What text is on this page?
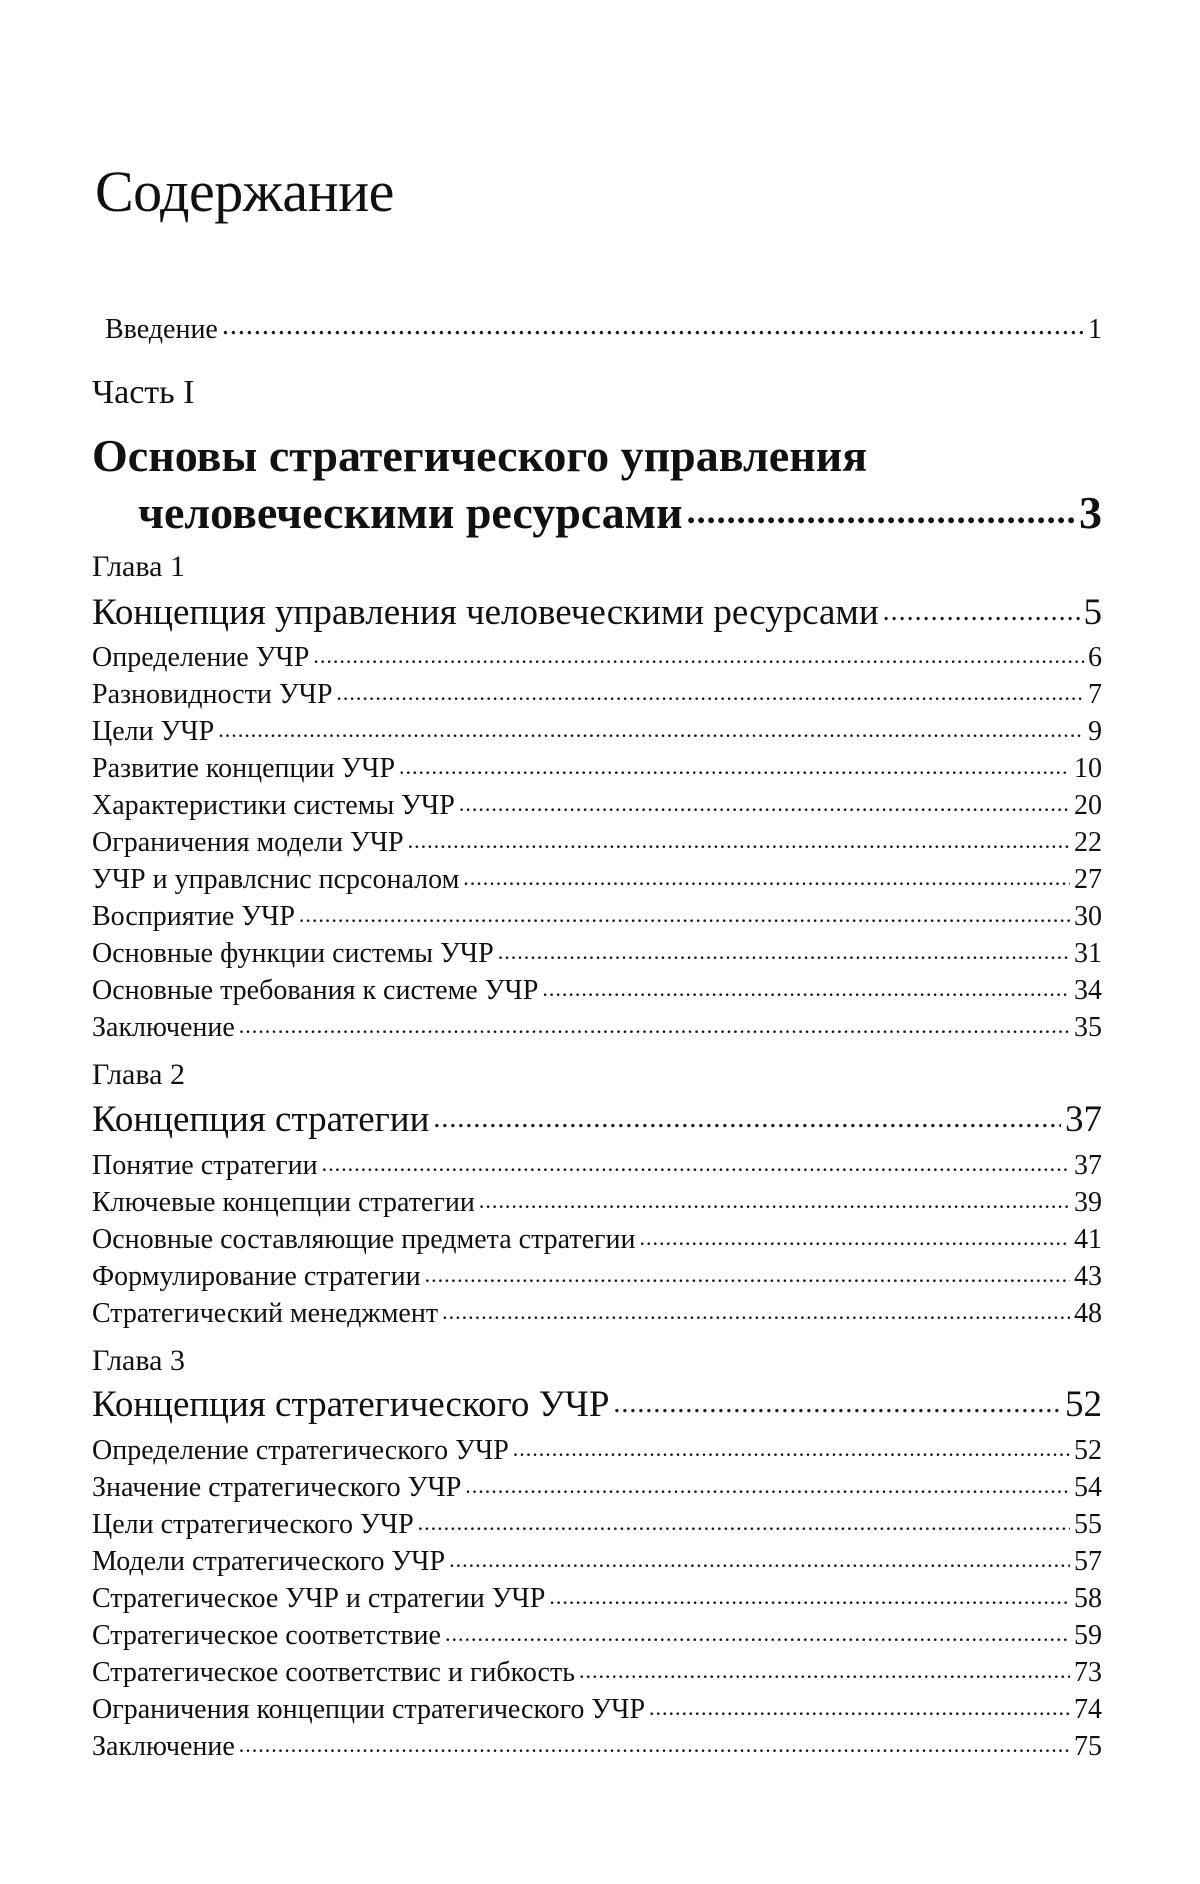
Содержание
Введение .....	1
Часть I
Основы стратегического управления
человеческими ресурсами .....	3
Глава 1
Концепция управления человеческими ресурсами .....	5
Определение УЧР .....	6
Разновидности УЧР .....	7
Цели УЧР .....	9
Развитие концепции УЧР .....	10
Характеристики системы УЧР .....	20
Ограничения модели УЧР .....	22
УЧР и управлснис псрсоналом .....	27
Восприятие УЧР .....	30
Основные функции системы УЧР .....	31
Основные требования к системе УЧР .....	34
Заключение .....	35
Глава 2
Концепция стратегии .....	37
Понятие стратегии .....	37
Ключевые концепции стратегии .....	39
Основные составляющие предмета стратегии .....	41
Формулирование стратегии .....	43
Стратегический менеджмент .....	48
Глава 3
Концепция стратегического УЧР .....	52
Определение стратегического УЧР .....	52
Значение стратегического УЧР .....	54
Цели стратегического УЧР .....	55
Модели стратегического УЧР .....	57
Стратегическое УЧР и стратегии УЧР .....	58
Стратегическое соответствие .....	59
Стратегическое соответствис и гибкость .....	73
Ограничения концепции стратегического УЧР .....	74
Заключение .....	75
